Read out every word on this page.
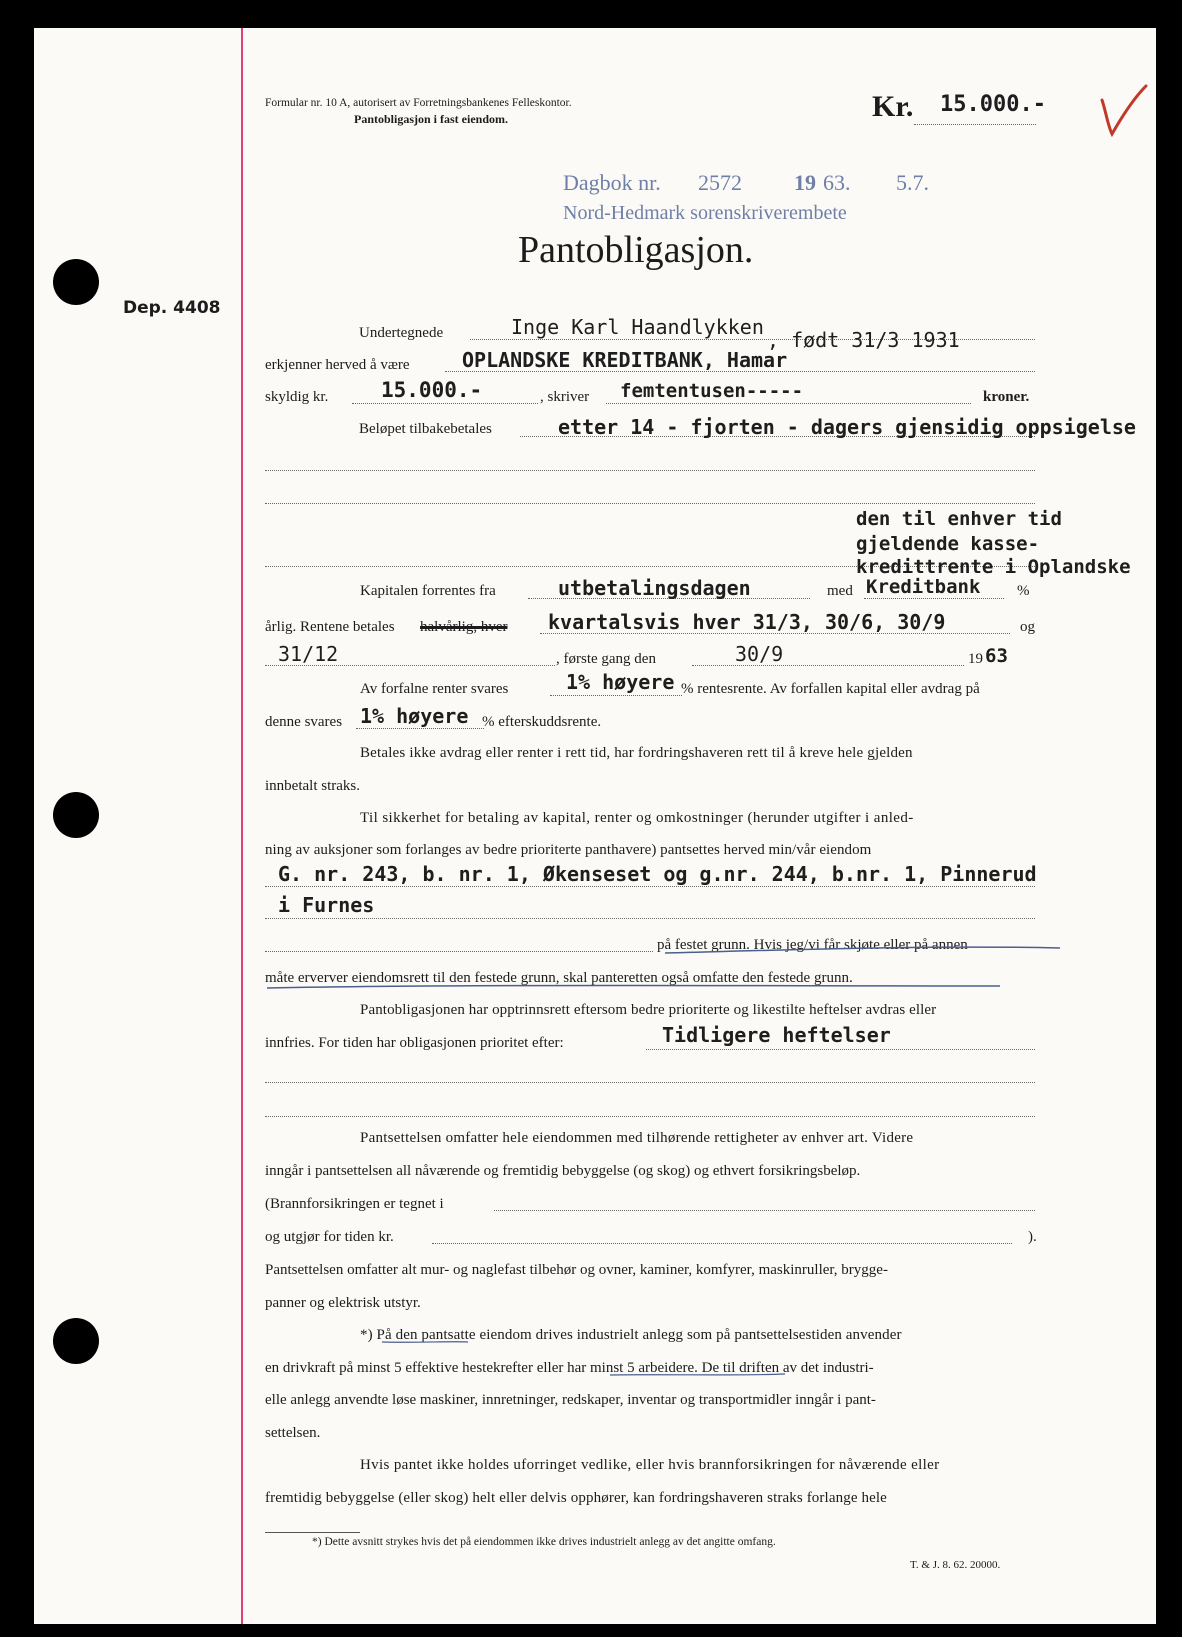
Formular nr. 10 A, autorisert av Forretningsbankenes Felleskontor.
Pantobligasjon i fast eiendom.	Kr. 15.000.-
Dagbok nr. 2572 19 63. 5.7.
Nord-Hedmark sorenskriverembete
Dep. 4408
Pantobligasjon.
Undertegnede	Inge Karl Haandlykken
, født 31/3 1931
erkjenner herved å være	OPLANDSKE KREDITBANK, Hamar
skyldig kr.	15.000.-	, skriver femtentusen-----	kroner.
Beløpet tilbakebetales	etter 14 - fjorten - dagers gjensidig oppsigelse
den til enhver tid
gjeldende kasse-
kredittrente i Oplandske
Kreditbank
Kapitalen forrentes fra	utbetalingsdagen	med	%
årlig. Rentene betales halvårlig, hver kvartalsvis hver 31/3, 30/6, 30/9	og
31/12	, første gang den	30/9	19 63
Av forfalne renter svares	1% høyere % rentesrente. Av forfallen kapital eller avdrag på
denne svares 1% høyere % efterskuddsrente.
Betales ikke avdrag eller renter i rett tid, har fordringshaveren rett til å kreve hele gjelden
innbetalt straks.
Til sikkerhet for betaling av kapital, renter og omkostninger (herunder utgifter i anled-
ning av auksjoner som forlanges av bedre prioriterte panthavere) pantsettes herved min/vår eiendom
G. nr. 243, b. nr. 1, Økenseset og g.nr. 244, b.nr. 1, Pinnerud
i Furnes
på festet grunn. Hvis jeg/vi får skjøte eller på annen
måte erverver eiendomsrett til den festede grunn, skal panteretten også omfatte den festede grunn.
Pantobligasjonen har opptrinnsrett eftersom bedre prioriterte og likestilte heftelser avdras eller
innfries. For tiden har obligasjonen prioritet efter:	Tidligere heftelser
Pantsettelsen omfatter hele eiendommen med tilhørende rettigheter av enhver art. Videre
inngår i pantsettelsen all nåværende og fremtidig bebyggelse (og skog) og ethvert forsikringsbeløp.
(Brannforsikringen er tegnet i
og utgjør for tiden kr.	).
Pantsettelsen omfatter alt mur- og naglefast tilbehør og ovner, kaminer, komfyrer, maskinruller, brygge-
panner og elektrisk utstyr.
*) På den pantsatte eiendom drives industrielt anlegg som på pantsettelsestiden anvender
en drivkraft på minst 5 effektive hestekrefter eller har minst 5 arbeidere. De til driften av det industri-
elle anlegg anvendte løse maskiner, innretninger, redskaper, inventar og transportmidler inngår i pant-
settelsen.
Hvis pantet ikke holdes uforringet vedlike, eller hvis brannforsikringen for nåværende eller
fremtidig bebyggelse (eller skog) helt eller delvis opphører, kan fordringshaveren straks forlange hele
*) Dette avsnitt strykes hvis det på eiendommen ikke drives industrielt anlegg av det angitte omfang.
T. & J. 8. 62. 20000.
